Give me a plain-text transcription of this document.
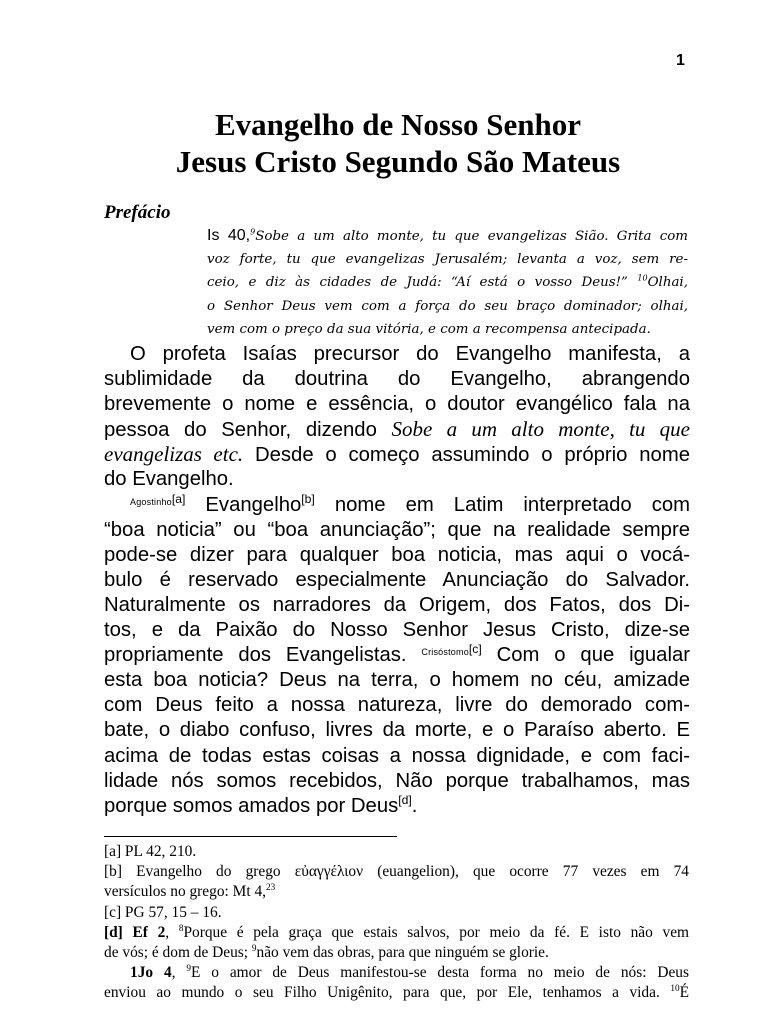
1
Evangelho de Nosso Senhor
Jesus Cristo Segundo São Mateus
Prefácio
Is 40,$^9$Sobe a um alto monte, tu que evangelizas Sião. Grita com
voz forte, tu que evangelizas Jerusalém; levanta a voz, sem re-
ceio, e diz às cidades de Judá: “Aí está o vosso Deus!” $^{10}$Olhai,
o Senhor Deus vem com a força do seu braço dominador; olhai,
vem com o preço da sua vitória, e com a recompensa antecipada.
O profeta Isaías precursor do Evangelho manifesta, a
sublimidade da doutrina do Evangelho, abrangendo
brevemente o nome e essência, o doutor evangélico fala na
pessoa do Senhor, dizendo Sobe a um alto monte, tu que
evangelizas etc. Desde o começo assumindo o próprio nome
do Evangelho.
$^{Agostinho[a]}$ Evangelho[b] nome em Latim interpretado com
“boa noticia” ou “boa anunciação”; que na realidade sempre
pode-se dizer para qualquer boa noticia, mas aqui o vocá-
bulo é reservado especialmente Anunciação do Salvador.
Naturalmente os narradores da Origem, dos Fatos, dos Di-
tos, e da Paixão do Nosso Senhor Jesus Cristo, dize-se
propriamente dos Evangelistas. $^{Crisóstomo[c]}$ Com o que igualar
esta boa noticia? Deus na terra, o homem no céu, amizade
com Deus feito a nossa natureza, livre do demorado com-
bate, o diabo confuso, livres da morte, e o Paraíso aberto. E
acima de todas estas coisas a nossa dignidade, e com faci-
lidade nós somos recebidos, Não porque trabalhamos, mas
porque somos amados por Deus[d].
[a] PL 42, 210.
[b] Evangelho do grego εὐαγγέλιον (euangelion), que ocorre 77 vezes em 74
versículos no grego: Mt 4,23
[c] PG 57, 15 – 16.
[d] Ef 2, $^8$Porque é pela graça que estais salvos, por meio da fé. E isto não vem
de vós; é dom de Deus; $^9$não vem das obras, para que ninguém se glorie.
1Jo 4, $^9$E o amor de Deus manifestou-se desta forma no meio de nós: Deus
enviou ao mundo o seu Filho Unigênito, para que, por Ele, tenhamos a vida. $^{10}$É
